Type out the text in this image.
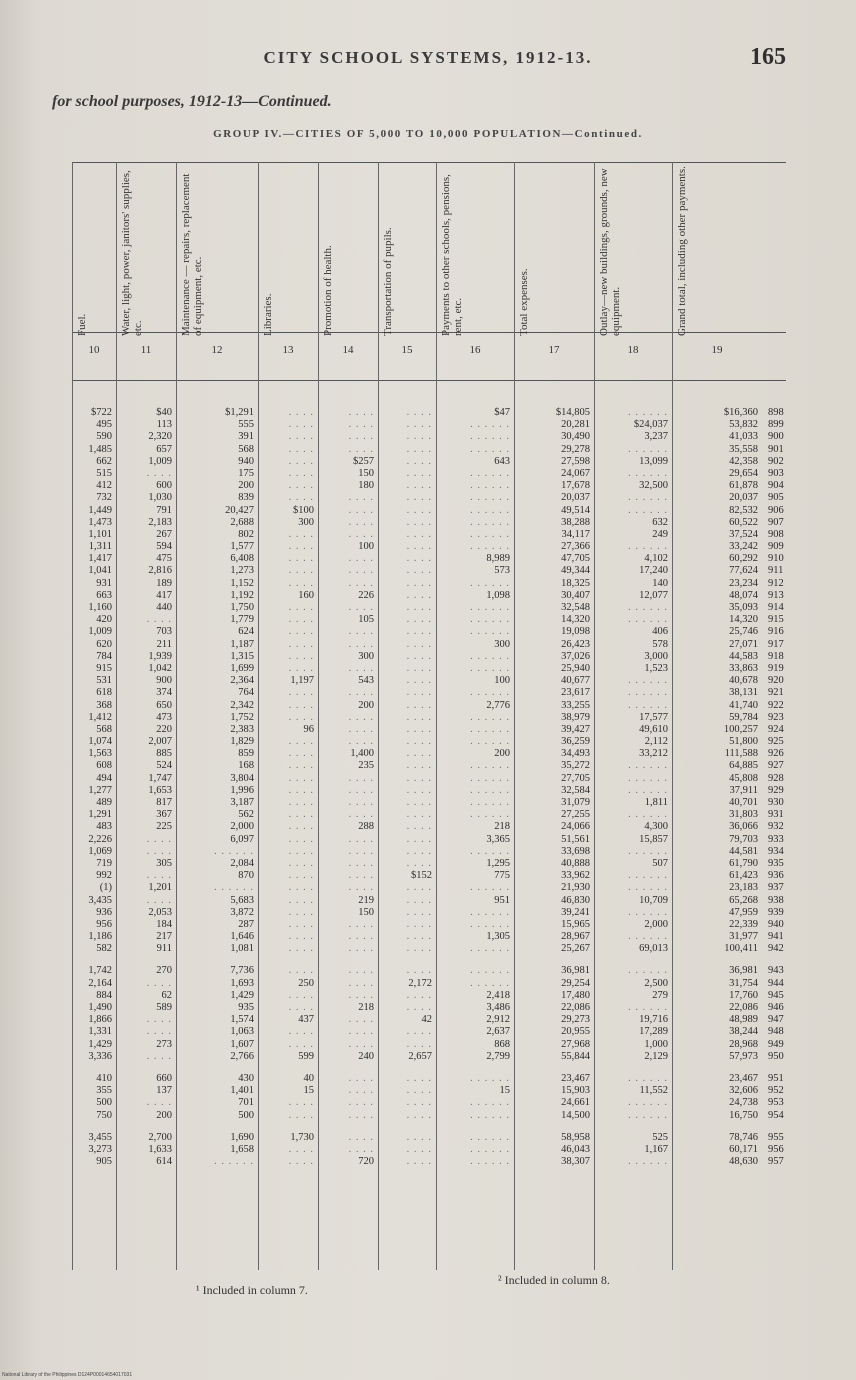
CITY SCHOOL SYSTEMS, 1912-13.	165
for school purposes, 1912-13—Continued.
GROUP IV.—CITIES OF 5,000 TO 10,000 POPULATION—Continued.
Fuel.
10
$722
495
590
1,485
662
515
412
732
1,449
1,473
1,101
1,311
1,417
1,041
931
663
1,160
420
1,009
620
784
915
531
618
368
1,412
568
1,074
1,563
608
494
1,277
489
1,291
483
2,226
1,069
719
992
(1)
3,435
936
956
1,186
582
1,742
2,164
884
1,490
1,866
1,331
1,429
3,336
410
355
500
750
3,455
3,273
905
Water, light, power, janitors' supplies, etc.
11
$40
113
2,320
657
1,009
. . . .
600
1,030
791
2,183
267
594
475
2,816
189
417
440
. . . .
703
211
1,939
1,042
900
374
650
473
220
2,007
885
524
1,747
1,653
817
367
225
. . . .
. . . .
305
. . . .
1,201
. . . .
2,053
184
217
911
270
. . . .
62
589
. . . .
. . . .
273
. . . .
660
137
. . . .
200
2,700
1,633
614
Maintenance — repairs, replacement of equipment, etc.
12
$1,291
555
391
568
940
175
200
839
20,427
2,688
802
1,577
6,408
1,273
1,152
1,192
1,750
1,779
624
1,187
1,315
1,699
2,364
764
2,342
1,752
2,383
1,829
859
168
3,804
1,996
3,187
562
2,000
6,097
. . . . . .
2,084
870
. . . . . .
5,683
3,872
287
1,646
1,081
7,736
1,693
1,429
935
1,574
1,063
1,607
2,766
430
1,401
701
500
1,690
1,658
. . . . . .
Libraries.
13
. . . .
. . . .
. . . .
. . . .
. . . .
. . . .
. . . .
. . . .
$100
300
. . . .
. . . .
. . . .
. . . .
. . . .
160
. . . .
. . . .
. . . .
. . . .
. . . .
. . . .
1,197
. . . .
. . . .
. . . .
96
. . . .
. . . .
. . . .
. . . .
. . . .
. . . .
. . . .
. . . .
. . . .
. . . .
. . . .
. . . .
. . . .
. . . .
. . . .
. . . .
. . . .
. . . .
. . . .
250
. . . .
. . . .
437
. . . .
. . . .
599
40
15
. . . .
. . . .
1,730
. . . .
. . . .
Promotion of health.
14
. . . .
. . . .
. . . .
. . . .
$257
150
180
. . . .
. . . .
. . . .
. . . .
100
. . . .
. . . .
. . . .
226
. . . .
105
. . . .
. . . .
300
. . . .
543
. . . .
200
. . . .
. . . .
. . . .
1,400
235
. . . .
. . . .
. . . .
. . . .
288
. . . .
. . . .
. . . .
. . . .
. . . .
219
150
. . . .
. . . .
. . . .
. . . .
. . . .
. . . .
218
. . . .
. . . .
. . . .
240
. . . .
. . . .
. . . .
. . . .
. . . .
. . . .
720
Transportation of pupils.
15
. . . .
. . . .
. . . .
. . . .
. . . .
. . . .
. . . .
. . . .
. . . .
. . . .
. . . .
. . . .
. . . .
. . . .
. . . .
. . . .
. . . .
. . . .
. . . .
. . . .
. . . .
. . . .
. . . .
. . . .
. . . .
. . . .
. . . .
. . . .
. . . .
. . . .
. . . .
. . . .
. . . .
. . . .
. . . .
. . . .
. . . .
. . . .
$152
. . . .
. . . .
. . . .
. . . .
. . . .
. . . .
. . . .
2,172
. . . .
. . . .
42
. . . .
. . . .
2,657
. . . .
. . . .
. . . .
. . . .
. . . .
. . . .
. . . .
Payments to other schools, pensions, rent, etc.
16
$47
. . . . . .
. . . . . .
. . . . . .
643
. . . . . .
. . . . . .
. . . . . .
. . . . . .
. . . . . .
. . . . . .
. . . . . .
8,989
573
. . . . . .
1,098
. . . . . .
. . . . . .
. . . . . .
300
. . . . . .
. . . . . .
100
. . . . . .
2,776
. . . . . .
. . . . . .
. . . . . .
200
. . . . . .
. . . . . .
. . . . . .
. . . . . .
. . . . . .
218
3,365
. . . . . .
1,295
775
. . . . . .
951
. . . . . .
. . . . . .
1,305
. . . . . .
. . . . . .
. . . . . .
2,418
3,486
2,912
2,637
868
2,799
. . . . . .
15
. . . . . .
. . . . . .
. . . . . .
. . . . . .
. . . . . .
Total expenses.
17
$14,805
20,281
30,490
29,278
27,598
24,067
17,678
20,037
49,514
38,288
34,117
27,366
47,705
49,344
18,325
30,407
32,548
14,320
19,098
26,423
37,026
25,940
40,677
23,617
33,255
38,979
39,427
36,259
34,493
35,272
27,705
32,584
31,079
27,255
24,066
51,561
33,698
40,888
33,962
21,930
46,830
39,241
15,965
28,967
25,267
36,981
29,254
17,480
22,086
29,273
20,955
27,968
55,844
23,467
15,903
24,661
14,500
58,958
46,043
38,307
Outlay—new buildings, grounds, new equipment.
18
. . . . . .
$24,037
3,237
. . . . . .
13,099
. . . . . .
32,500
. . . . . .
. . . . . .
632
249
. . . . . .
4,102
17,240
140
12,077
. . . . . .
. . . . . .
406
578
3,000
1,523
. . . . . .
. . . . . .
. . . . . .
17,577
49,610
2,112
33,212
. . . . . .
. . . . . .
. . . . . .
1,811
. . . . . .
4,300
15,857
. . . . . .
507
. . . . . .
. . . . . .
10,709
. . . . . .
2,000
. . . . . .
69,013
. . . . . .
2,500
279
. . . . . .
19,716
17,289
1,000
2,129
. . . . . .
11,552
. . . . . .
. . . . . .
525
1,167
. . . . . .
Grand total, including other payments.
19
$16,360
53,832
41,033
35,558
42,358
29,654
61,878
20,037
82,532
60,522
37,524
33,242
60,292
77,624
23,234
48,074
35,093
14,320
25,746
27,071
44,583
33,863
40,678
38,131
41,740
59,784
100,257
51,800
111,588
64,885
45,808
37,911
40,701
31,803
36,066
79,703
44,581
61,790
61,423
23,183
65,268
47,959
22,339
31,977
100,411
36,981
31,754
17,760
22,086
48,989
38,244
28,968
57,973
23,467
32,606
24,738
16,750
78,746
60,171
48,630
898
899
900
901
902
903
904
905
906
907
908
909
910
911
912
913
914
915
916
917
918
919
920
921
922
923
924
925
926
927
928
929
930
931
932
933
934
935
936
937
938
939
940
941
942
943
944
945
946
947
948
949
950
951
952
953
954
955
956
957
¹ Included in column 7.
² Included in column 8.
National Library of the Philippines D124P00014654017031
